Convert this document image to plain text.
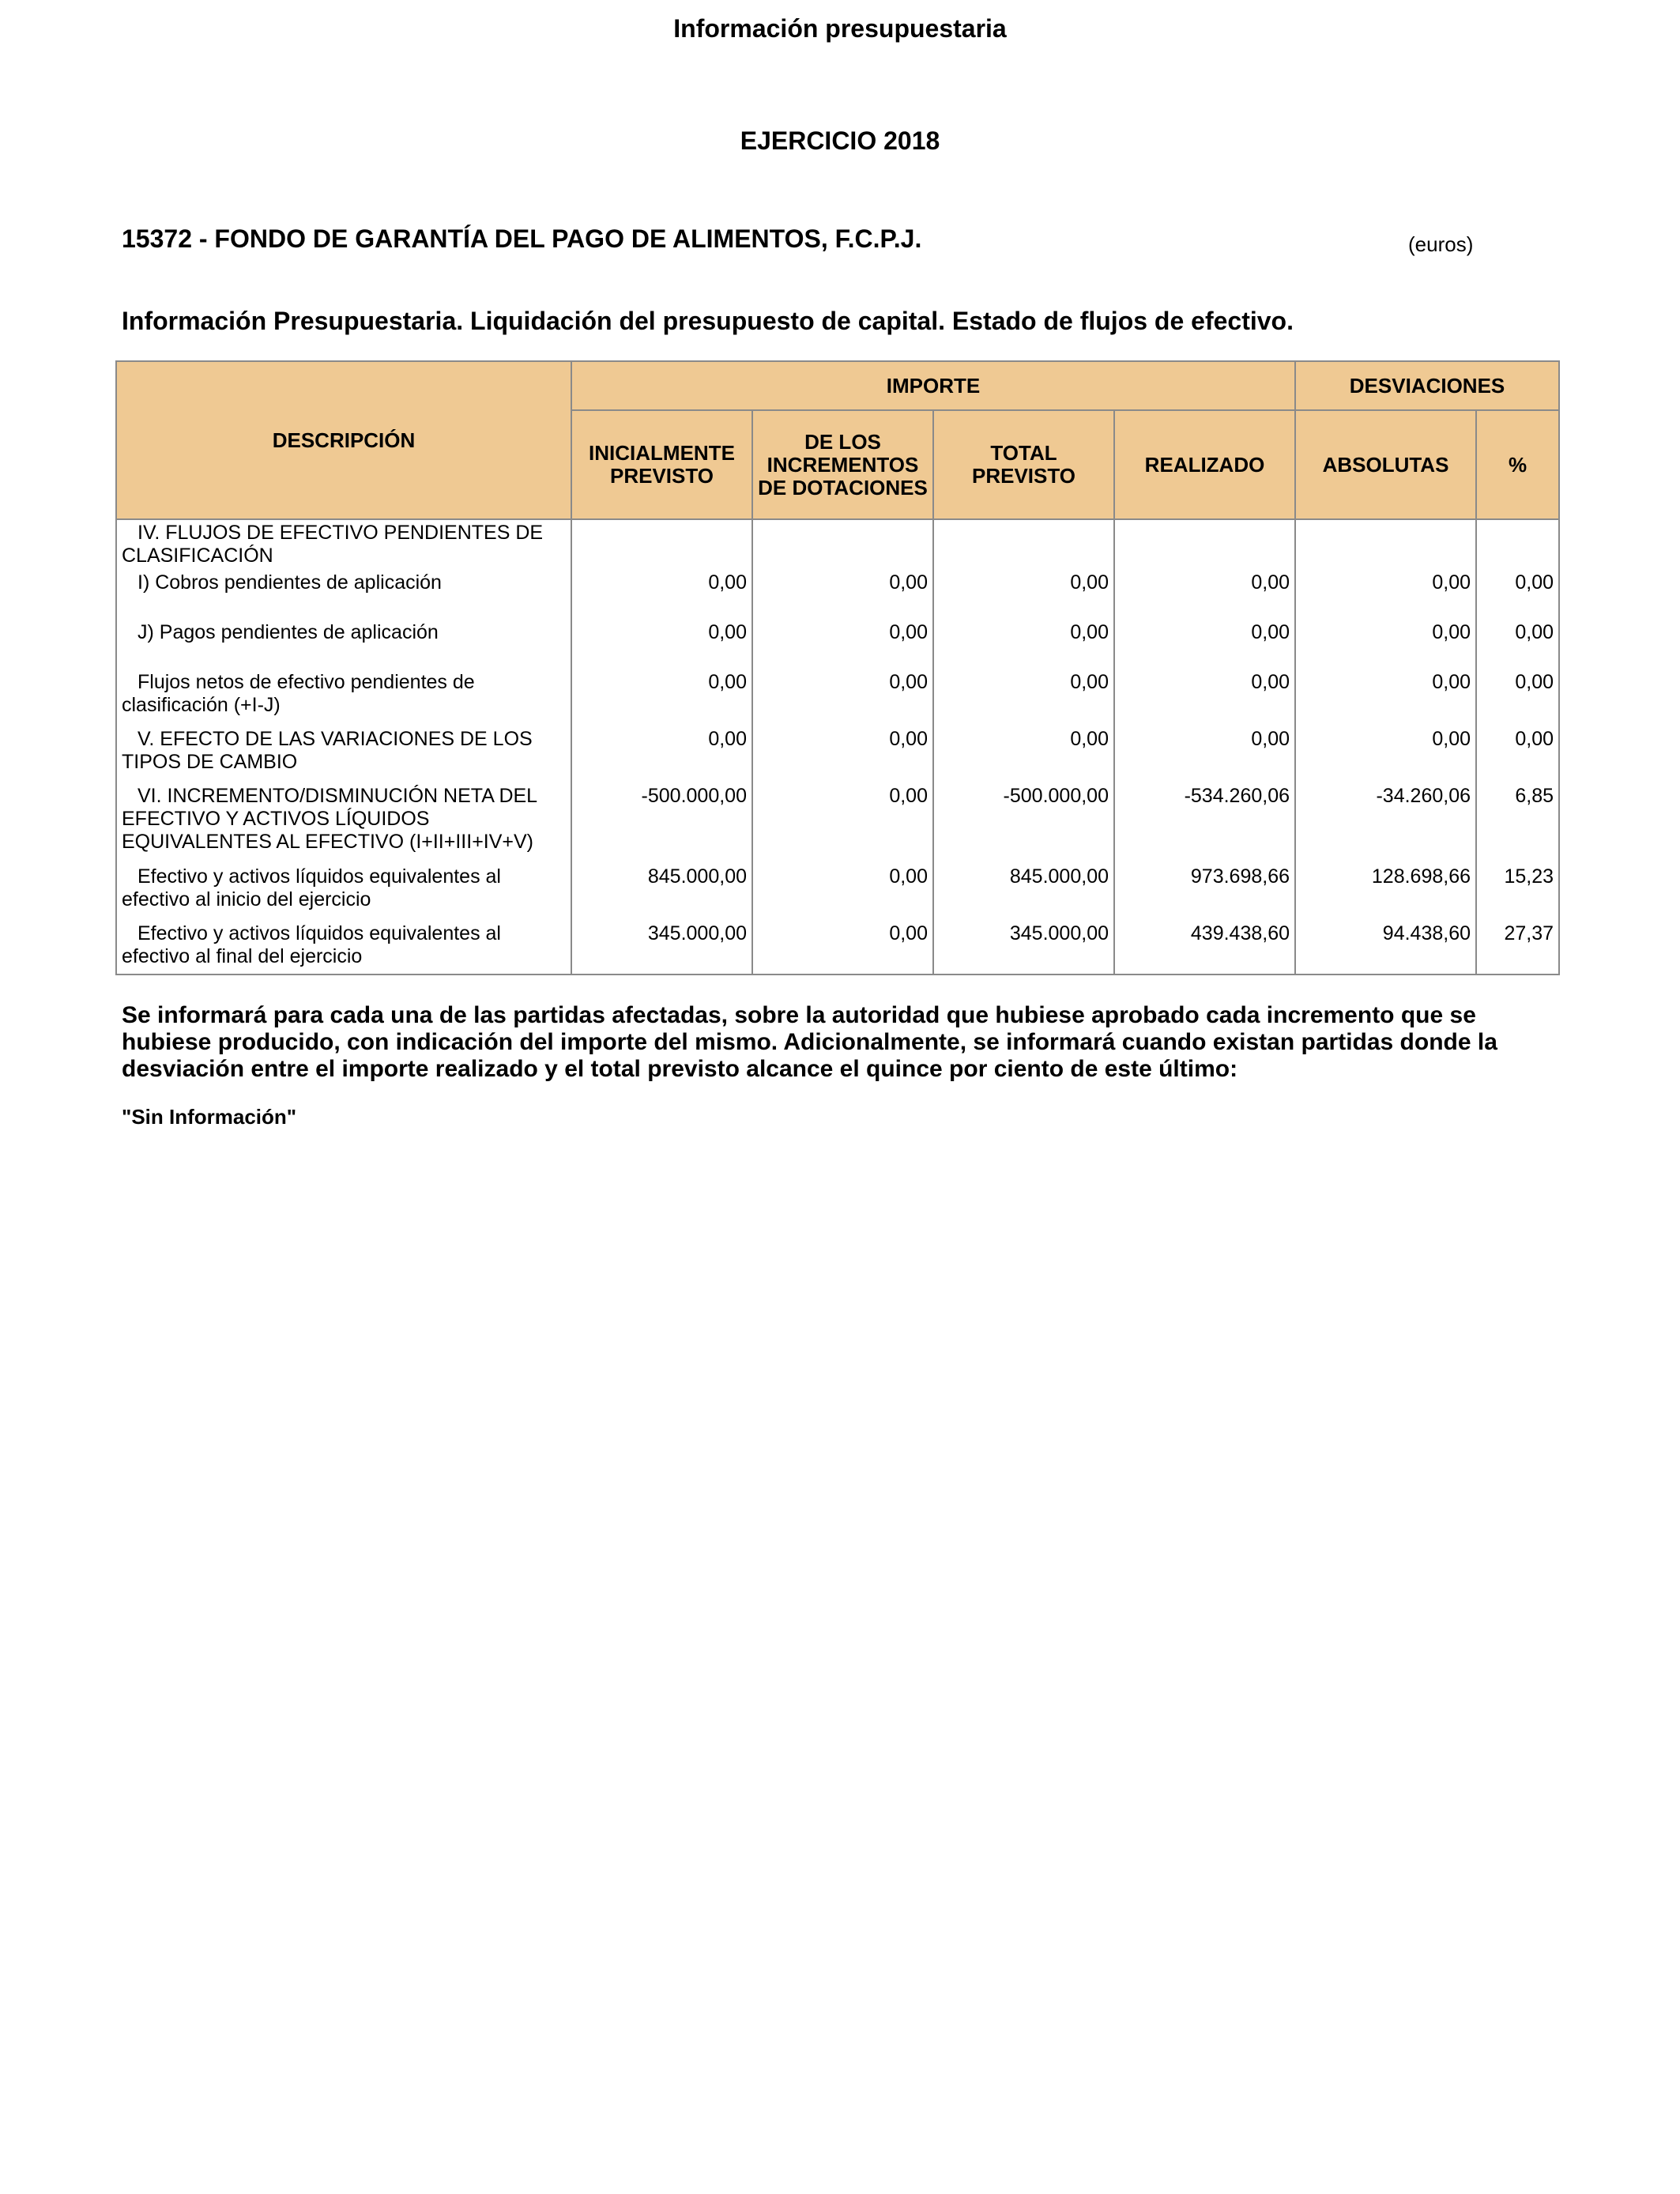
Información presupuestaria
EJERCICIO 2018
15372 - FONDO DE GARANTÍA DEL PAGO DE ALIMENTOS, F.C.P.J.	(euros)
Información Presupuestaria. Liquidación del presupuesto de capital. Estado de flujos de efectivo.
DESCRIPCIÓN	IMPORTE				DESVIACIONES	
	INICIALMENTE PREVISTO	DE LOS INCREMENTOS DE DOTACIONES	TOTAL PREVISTO	REALIZADO	ABSOLUTAS	%
IV. FLUJOS DE EFECTIVO PENDIENTES DE CLASIFICACIÓN						
I) Cobros pendientes de aplicación	0,00	0,00	0,00	0,00	0,00	0,00
J) Pagos pendientes de aplicación	0,00	0,00	0,00	0,00	0,00	0,00
Flujos netos de efectivo pendientes de clasificación (+I-J)	0,00	0,00	0,00	0,00	0,00	0,00
V. EFECTO DE LAS VARIACIONES DE LOS TIPOS DE CAMBIO	0,00	0,00	0,00	0,00	0,00	0,00
VI. INCREMENTO/DISMINUCIÓN NETA DEL EFECTIVO Y ACTIVOS LÍQUIDOS EQUIVALENTES AL EFECTIVO (I+II+III+IV+V)	-500.000,00	0,00	-500.000,00	-534.260,06	-34.260,06	6,85
Efectivo y activos líquidos equivalentes al efectivo al inicio del ejercicio	845.000,00	0,00	845.000,00	973.698,66	128.698,66	15,23
Efectivo y activos líquidos equivalentes al efectivo al final del ejercicio	345.000,00	0,00	345.000,00	439.438,60	94.438,60	27,37
Se informará para cada una de las partidas afectadas, sobre la autoridad que hubiese aprobado cada incremento que se hubiese producido, con indicación del importe del mismo. Adicionalmente, se informará cuando existan partidas donde la desviación entre el importe realizado y el total previsto alcance el quince por ciento de este último:
"Sin Información"
